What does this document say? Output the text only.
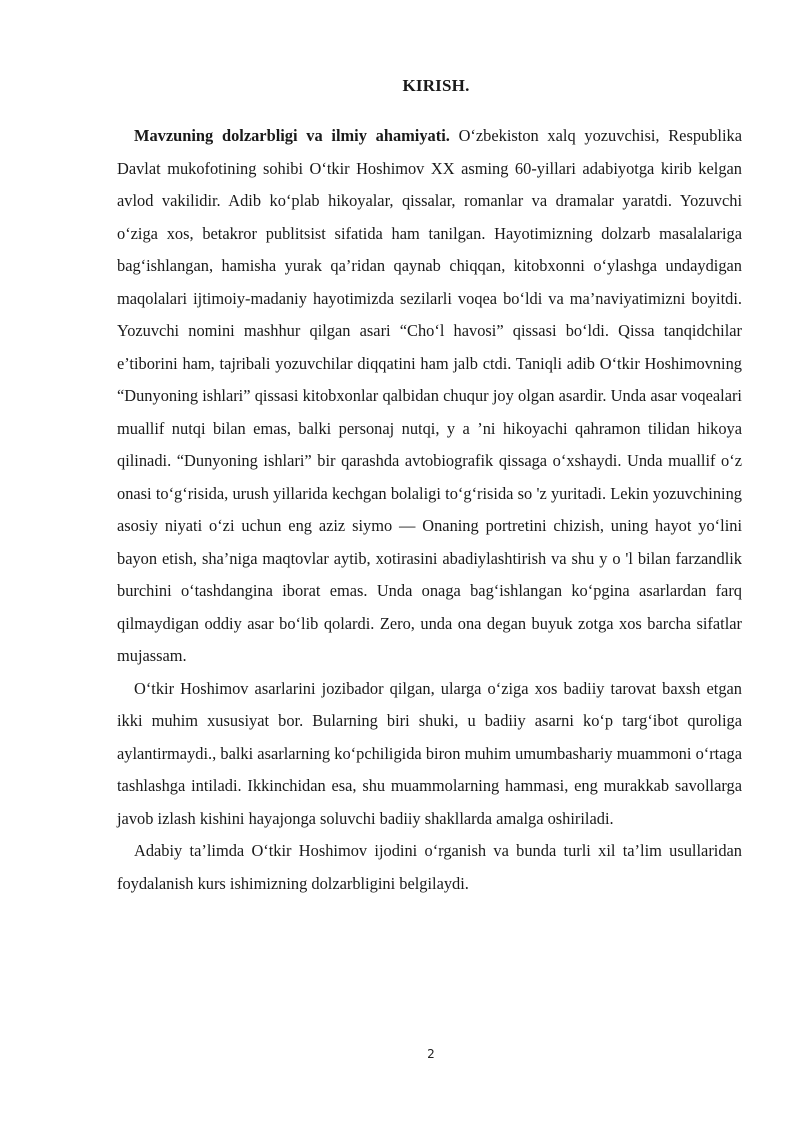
KIRISH.

Mavzuning dolzarbligi va ilmiy ahamiyati. O‘zbekiston xalq yozuvchisi, Respublika Davlat mukofotining sohibi O‘tkir Hoshimov XX asming 60-yillari adabiyotga kirib kelgan avlod vakilidir. Adib ko‘plab hikoyalar, qissalar, romanlar va dramalar yaratdi. Yozuvchi o‘ziga xos, betakror publitsist sifatida ham tanilgan. Hayotimizning dolzarb masalalariga bag‘ishlangan, hamisha yurak qa’ridan qaynab chiqqan, kitobxonni o‘ylashga undaydigan maqolalari ijtimoiy-madaniy hayotimizda sezilarli voqea bo‘ldi va ma’naviyatimizni boyitdi. Yozuvchi nomini mashhur qilgan asari “Cho‘l havosi” qissasi bo‘ldi. Qissa tanqidchilar e’tiborini ham, tajribali yozuvchilar diqqatini ham jalb ctdi. Taniqli adib O‘tkir Hoshimovning “Dunyoning ishlari” qissasi kitobxonlar qalbidan chuqur joy olgan asardir. Unda asar voqealari muallif nutqi bilan emas, balki personaj nutqi, y a ’ni hikoyachi qahramon tilidan hikoya qilinadi. “Dunyoning ishlari” bir qarashda avtobiografik qissaga o‘xshaydi. Unda muallif o‘z onasi to‘g‘risida, urush yillarida kechgan bolaligi to‘g‘risida so 'z yuritadi. Lekin yozuvchining asosiy niyati o‘zi uchun eng aziz siymo — Onaning portretini chizish, uning hayot yo‘lini bayon etish, sha’niga maqtovlar aytib, xotirasini abadiylashtirish va shu y o 'l bilan farzandlik burchini o‘tashdangina iborat emas. Unda onaga bag‘ishlangan ko‘pgina asarlardan farq qilmaydigan oddiy asar bo‘lib qolardi. Zero, unda ona degan buyuk zotga xos barcha sifatlar mujassam.

O‘tkir Hoshimov asarlarini jozibador qilgan, ularga o‘ziga xos badiiy tarovat baxsh etgan ikki muhim xususiyat bor. Bularning biri shuki, u badiiy asarni ko‘p targ‘ibot quroliga aylantirmaydi., balki asarlarning ko‘pchiligida biron muhim umumbashariy muammoni o‘rtaga tashlashga intiladi. Ikkinchidan esa, shu muammolarning hammasi, eng murakkab savollarga javob izlash kishini hayajonga soluvchi badiiy shakllarda amalga oshiriladi.

Adabiy ta’limda O‘tkir Hoshimov ijodini o‘rganish va bunda turli xil ta’lim usullaridan foydalanish kurs ishimizning dolzarbligini belgilaydi.

2
